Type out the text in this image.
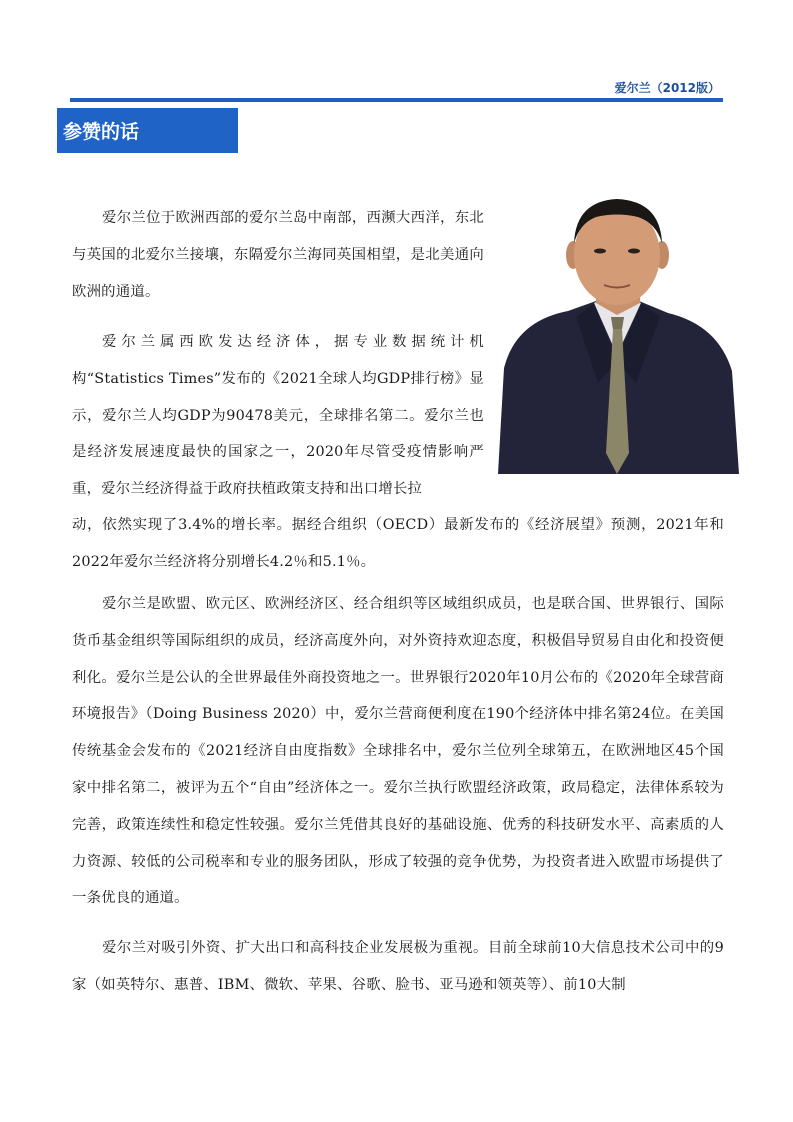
爱尔兰（2012版）
参赞的话

爱尔兰位于欧洲西部的爱尔兰岛中南部，西濒大西洋，东北与英国的北爱尔兰接壤，东隔爱尔兰海同英国相望，是北美通向欧洲的通道。

爱尔兰属西欧发达经济体，据专业数据统计机构“Statistics Times”发布的《2021全球人均GDP排行榜》显示，爱尔兰人均GDP为90478美元，全球排名第二。爱尔兰也是经济发展速度最快的国家之一，2020年尽管受疫情影响严重，爱尔兰经济得益于政府扶植政策支持和出口增长拉

动，依然实现了3.4%的增长率。据经合组织（OECD）最新发布的《经济展望》预测，2021年和2022年爱尔兰经济将分别增长4.2％和5.1％。

爱尔兰是欧盟、欧元区、欧洲经济区、经合组织等区域组织成员，也是联合国、世界银行、国际货币基金组织等国际组织的成员，经济高度外向，对外资持欢迎态度，积极倡导贸易自由化和投资便利化。爱尔兰是公认的全世界最佳外商投资地之一。世界银行2020年10月公布的《2020年全球营商环境报告》（Doing Business 2020）中，爱尔兰营商便利度在190个经济体中排名第24位。在美国传统基金会发布的《2021经济自由度指数》全球排名中，爱尔兰位列全球第五，在欧洲地区45个国家中排名第二，被评为五个“自由”经济体之一。爱尔兰执行欧盟经济政策，政局稳定，法律体系较为完善，政策连续性和稳定性较强。爱尔兰凭借其良好的基础设施、优秀的科技研发水平、高素质的人力资源、较低的公司税率和专业的服务团队，形成了较强的竞争优势，为投资者进入欧盟市场提供了一条优良的通道。

爱尔兰对吸引外资、扩大出口和高科技企业发展极为重视。目前全球前10大信息技术公司中的9家（如英特尔、惠普、IBM、微软、苹果、谷歌、脸书、亚马逊和领英等）、前10大制
